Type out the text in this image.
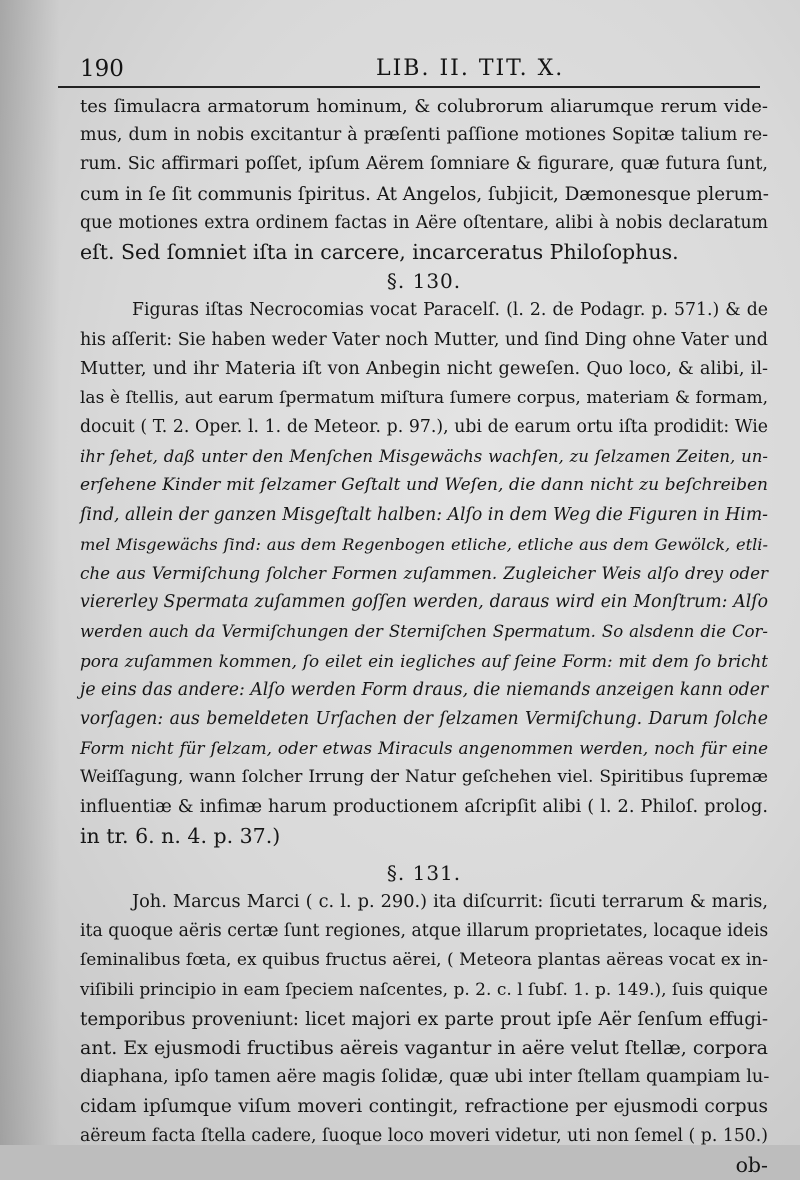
190	LIB. II. TIT. X.
tes ſimulacra armatorum hominum, & colubrorum aliarumque rerum vide-
mus, dum in nobis excitantur à præſenti paſſione motiones Sopitæ talium re-
rum. Sic affirmari poſſet, ipſum Aërem ſomniare & figurare, quæ futura ſunt,
cum in ſe ſit communis ſpiritus. At Angelos, ſubjicit, Dæmonesque plerum-
que motiones extra ordinem factas in Aëre oſtentare, alibi à nobis declaratum
eſt. Sed ſomniet iſta in carcere, incarceratus Philoſophus.
§. 130.
Figuras iſtas Necrocomias vocat Paracelſ. (l. 2. de Podagr. p. 571.) & de
his aſſerit: Sie haben weder Vater noch Mutter, und ſind Ding ohne Vater und
Mutter, und ihr Materia iſt von Anbegin nicht geweſen. Quo loco, & alibi, il-
las è ſtellis, aut earum ſpermatum miſtura ſumere corpus, materiam & formam,
docuit ( T. 2. Oper. l. 1. de Meteor. p. 97.), ubi de earum ortu iſta prodidit: Wie
ihr ſehet, daß unter den Menſchen Misgewächs wachſen, zu ſelzamen Zeiten, un-
erſehene Kinder mit ſelzamer Geſtalt und Weſen, die dann nicht zu beſchreiben
ſind, allein der ganzen Misgeſtalt halben: Alſo in dem Weg die Figuren in Him-
mel Misgewächs ſind: aus dem Regenbogen etliche, etliche aus dem Gewölck, etli-
che aus Vermiſchung ſolcher Formen zuſammen. Zugleicher Weis alſo drey oder
viererley Spermata zuſammen goſſen werden, daraus wird ein Monſtrum: Alſo
werden auch da Vermiſchungen der Sterniſchen Spermatum. So alsdenn die Cor-
pora zuſammen kommen, ſo eilet ein iegliches auf ſeine Form: mit dem ſo bricht
je eins das andere: Alſo werden Form draus, die niemands anzeigen kann oder
vorſagen: aus bemeldeten Urſachen der ſelzamen Vermiſchung. Darum ſolche
Form nicht für ſelzam, oder etwas Miraculs angenommen werden, noch für eine
Weiſſagung, wann ſolcher Irrung der Natur geſchehen viel. Spiritibus ſupremæ
influentiæ & infimæ harum productionem aſcripſit alibi ( l. 2. Philoſ. prolog.
in tr. 6. n. 4. p. 37.)
§. 131.
Joh. Marcus Marci ( c. l. p. 290.) ita diſcurrit: ſicuti terrarum & maris,
ita quoque aëris certæ ſunt regiones, atque illarum proprietates, locaque ideis
ſeminalibus fœta, ex quibus fructus aërei, ( Meteora plantas aëreas vocat ex in-
viſibili principio in eam ſpeciem naſcentes, p. 2. c. l ſubſ. 1. p. 149.), ſuis quique
temporibus proveniunt: licet majori ex parte prout ipſe Aër ſenſum effugi-
ant. Ex ejusmodi fructibus aëreis vagantur in aëre velut ſtellæ, corpora
diaphana, ipſo tamen aëre magis ſolidæ, quæ ubi inter ſtellam quampiam lu-
cidam ipſumque viſum moveri contingit, refractione per ejusmodi corpus
aëreum facta ſtella cadere, ſuoque loco moveri videtur, uti non ſemel ( p. 150.)
ob-
